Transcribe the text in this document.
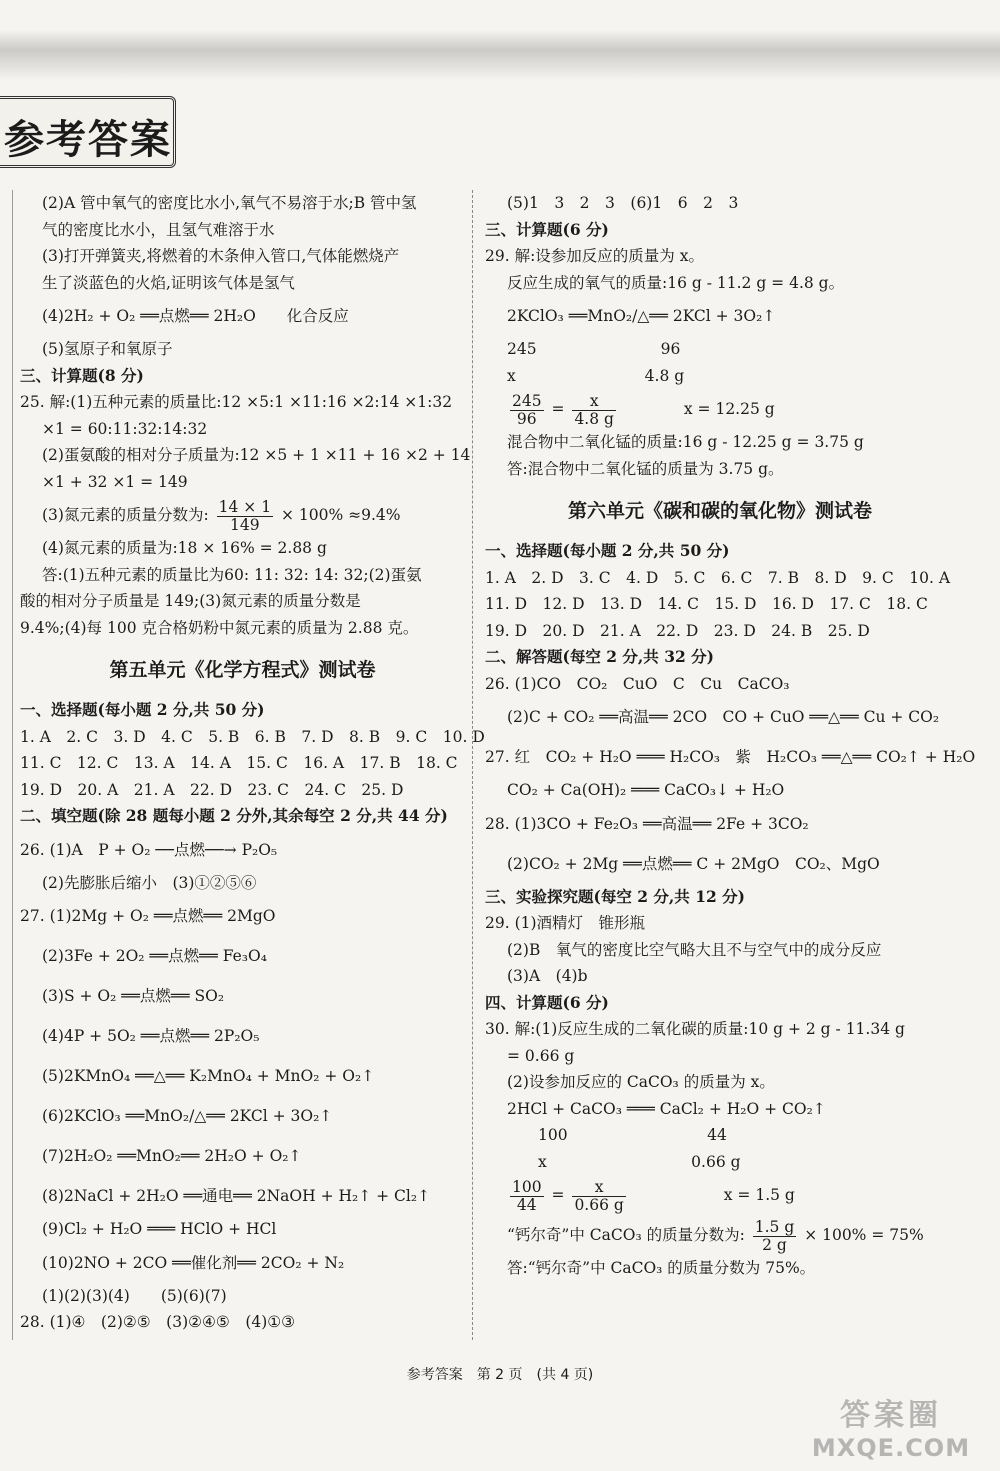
参考答案
(2)A 管中氧气的密度比水小,氧气不易溶于水;B 管中氢
气的密度比水小，且氢气难溶于水
(3)打开弹簧夹,将燃着的木条伸入管口,气体能燃烧产
生了淡蓝色的火焰,证明该气体是氢气
(4)2H₂ + O₂ ══点燃══ 2H₂O　　化合反应
(5)氢原子和氧原子
三、计算题(8 分)
25. 解:(1)五种元素的质量比:12 ×5:1 ×11:16 ×2:14 ×1:32
×1 = 60:11:32:14:32
(2)蛋氨酸的相对分子质量为:12 ×5 + 1 ×11 + 16 ×2 + 14
×1 + 32 ×1 = 149
(3)氮元素的质量分数为: $\frac{14 \times 1}{149} \times 100\% \approx 9.4\%$
(4)氮元素的质量为:18 × 16% = 2.88 g
答:(1)五种元素的质量比为60: 11: 32: 14: 32;(2)蛋氨
酸的相对分子质量是 149;(3)氮元素的质量分数是
9.4%;(4)每 100 克合格奶粉中氮元素的质量为 2.88 克。
第五单元《化学方程式》测试卷
一、选择题(每小题 2 分,共 50 分)
1. A　2. C　3. D　4. C　5. B　6. B　7. D　8. B　9. C　10. D
11. C　12. C　13. A　14. A　15. C　16. A　17. B　18. C
19. D　20. A　21. A　22. D　23. C　24. C　25. D
二、填空题(除 28 题每小题 2 分外,其余每空 2 分,共 44 分)
26. (1)A　P + O₂ ──点燃──→ P₂O₅
(2)先膨胀后缩小　(3)①②⑤⑥
27. (1)2Mg + O₂ ══点燃══ 2MgO
(2)3Fe + 2O₂ ══点燃══ Fe₃O₄
(3)S + O₂ ══点燃══ SO₂
(4)4P + 5O₂ ══点燃══ 2P₂O₅
(5)2KMnO₄ ══△══ K₂MnO₄ + MnO₂ + O₂↑
(6)2KClO₃ ══MnO₂/△══ 2KCl + 3O₂↑
(7)2H₂O₂ ══MnO₂══ 2H₂O + O₂↑
(8)2NaCl + 2H₂O ══通电══ 2NaOH + H₂↑ + Cl₂↑
(9)Cl₂ + H₂O ═══ HClO + HCl
(10)2NO + 2CO ══催化剂══ 2CO₂ + N₂
(1)(2)(3)(4)　　(5)(6)(7)
28. (1)④　(2)②⑤　(3)②④⑤　(4)①③
(5)1　3　2　3　(6)1　6　2　3
三、计算题(6 分)
29. 解:设参加反应的质量为 x。
反应生成的氧气的质量:16 g - 11.2 g = 4.8 g。
2KClO₃ ══MnO₂/△══ 2KCl + 3O₂↑
245　　　　　　　　96
x　　　　　　　　 4.8 g
$\frac{245}{96} = \frac{x}{4.8 g}$	x = 12.25 g
混合物中二氧化锰的质量:16 g - 12.25 g = 3.75 g
答:混合物中二氧化锰的质量为 3.75 g。
第六单元《碳和碳的氧化物》测试卷
一、选择题(每小题 2 分,共 50 分)
1. A　2. D　3. C　4. D　5. C　6. C　7. B　8. D　9. C　10. A
11. D　12. D　13. D　14. C　15. D　16. D　17. C　18. C
19. D　20. D　21. A　22. D　23. D　24. B　25. D
二、解答题(每空 2 分,共 32 分)
26. (1)CO　CO₂　CuO　C　Cu　CaCO₃
(2)C + CO₂ ══高温══ 2CO　CO + CuO ══△══ Cu + CO₂
27. 红　CO₂ + H₂O ═══ H₂CO₃　紫　H₂CO₃ ══△══ CO₂↑ + H₂O
CO₂ + Ca(OH)₂ ═══ CaCO₃↓ + H₂O
28. (1)3CO + Fe₂O₃ ══高温══ 2Fe + 3CO₂
(2)CO₂ + 2Mg ══点燃══ C + 2MgO　CO₂、MgO
三、实验探究题(每空 2 分,共 12 分)
29. (1)酒精灯　锥形瓶
(2)B　氧气的密度比空气略大且不与空气中的成分反应
(3)A　(4)b
四、计算题(6 分)
30. 解:(1)反应生成的二氧化碳的质量:10 g + 2 g - 11.34 g
= 0.66 g
(2)设参加反应的 CaCO₃ 的质量为 x。
2HCl + CaCO₃ ═══ CaCl₂ + H₂O + CO₂↑
　　100　　　　　　　　　44
　　x　　　　　　　　　 0.66 g
$\frac{100}{44} = \frac{x}{0.66 g}$	x = 1.5 g
“钙尔奇”中 CaCO₃ 的质量分数为: $\frac{1.5 g}{2 g} \times 100\% = 75\%$
答:“钙尔奇”中 CaCO₃ 的质量分数为 75%。
参考答案　第 2 页　(共 4 页)
答案圈
MXQE.COM
